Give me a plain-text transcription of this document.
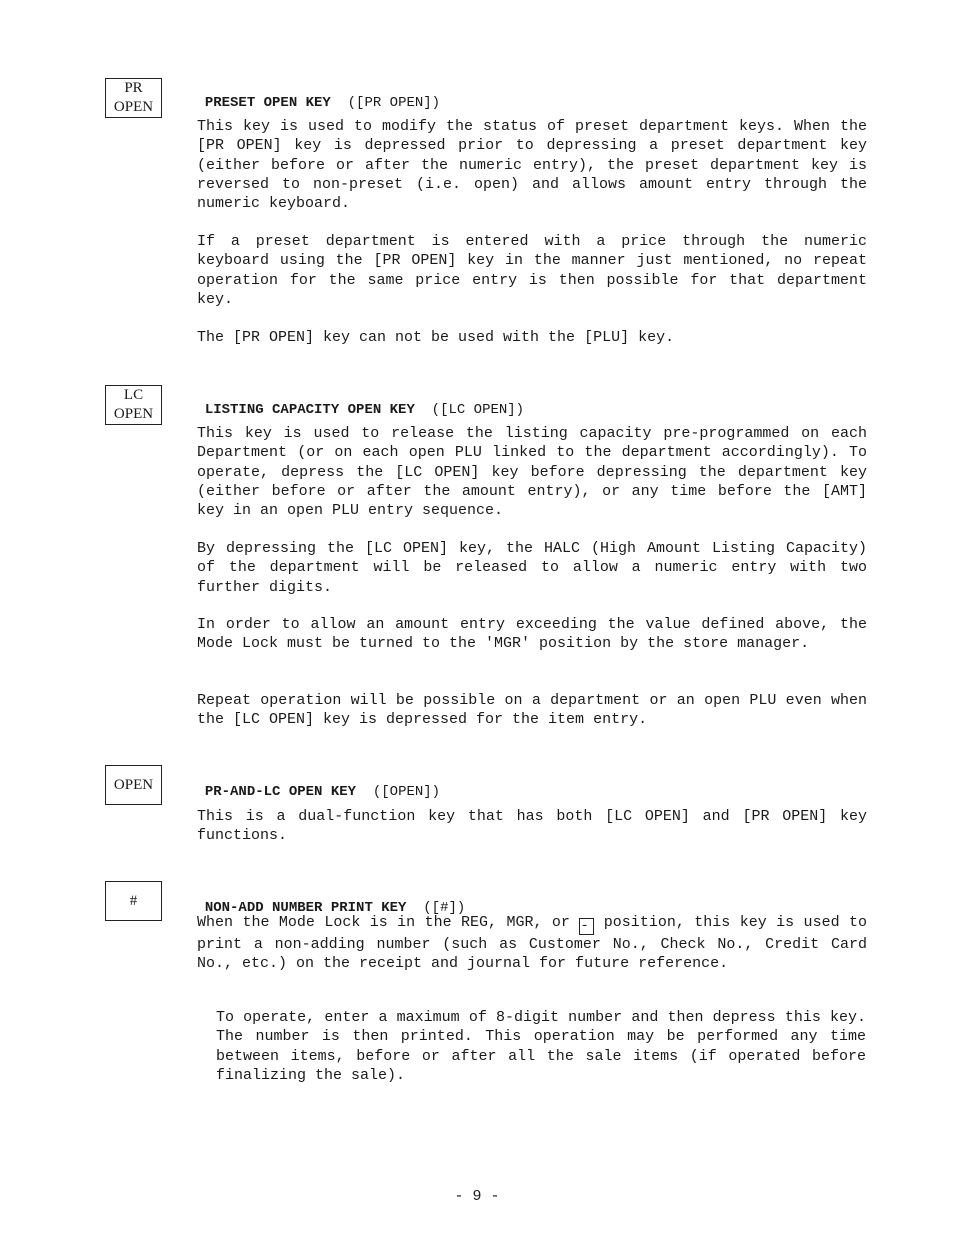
PR
OPEN	PRESET OPEN KEY ([PR OPEN])

This key is used to modify the status of preset department keys. When the [PR OPEN] key is depressed prior to depressing a preset department key (either before or after the numeric entry), the preset department key is reversed to non-preset (i.e. open) and allows amount entry through the numeric keyboard.

If a preset department is entered with a price through the numeric keyboard using the [PR OPEN] key in the manner just mentioned, no repeat operation for the same price entry is then possible for that department key.

The [PR OPEN] key can not be used with the [PLU] key.

LC
OPEN	LISTING CAPACITY OPEN KEY ([LC OPEN])

This key is used to release the listing capacity pre-programmed on each Department (or on each open PLU linked to the department accordingly). To operate, depress the [LC OPEN] key before depressing the department key (either before or after the amount entry), or any time before the [AMT] key in an open PLU entry sequence.

By depressing the [LC OPEN] key, the HALC (High Amount Listing Capacity) of the department will be released to allow a numeric entry with two further digits.

In order to allow an amount entry exceeding the value defined above, the Mode Lock must be turned to the 'MGR' position by the store manager.

Repeat operation will be possible on a department or an open PLU even when the [LC OPEN] key is depressed for the item entry.

OPEN	PR-AND-LC OPEN KEY ([OPEN])

This is a dual-function key that has both [LC OPEN] and [PR OPEN] key functions.

#	NON-ADD NUMBER PRINT KEY ([#])

When the Mode Lock is in the REG, MGR, or - position, this key is used to print a non-adding number (such as Customer No., Check No., Credit Card No., etc.) on the receipt and journal for future reference.

To operate, enter a maximum of 8-digit number and then depress this key. The number is then printed. This operation may be performed any time between items, before or after all the sale items (if operated before finalizing the sale).

- 9 -
